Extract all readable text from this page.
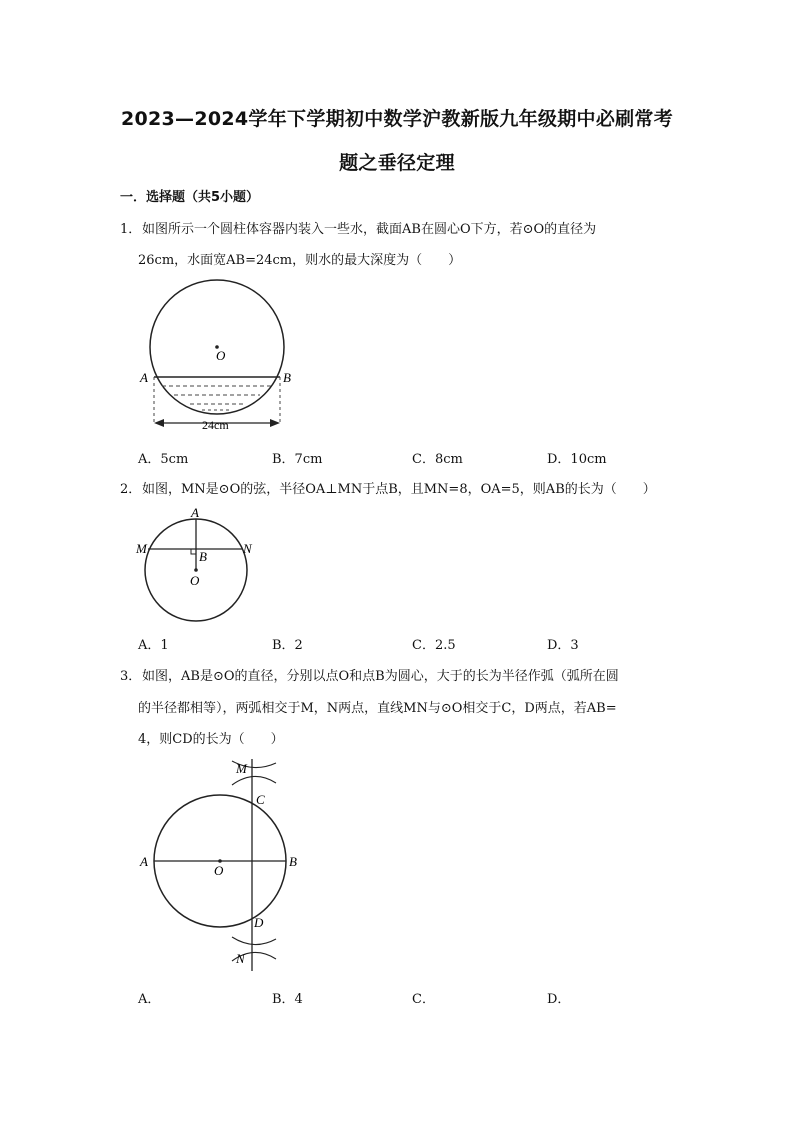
2023—2024学年下学期初中数学沪教新版九年级期中必刷常考
题之垂径定理
一．选择题（共5小题）
1． 如图所示一个圆柱体容器内装入一些水，截面AB在圆心O下方，若⊙O的直径为
26cm，水面宽AB=24cm，则水的最大深度为（　　）
O
A	B
24cm
A．5cm	B．7cm	C．8cm	D．10cm
2． 如图，MN是⊙O的弦，半径OA⊥MN于点B，且MN=8，OA=5，则AB的长为（　　）
A
M	N
B
O
A．1	B．2	C．2.5	D．3
3． 如图，AB是⊙O的直径，分别以点O和点B为圆心，大于的长为半径作弧（弧所在圆
的半径都相等），两弧相交于M，N两点，直线MN与⊙O相交于C，D两点，若AB=
4，则CD的长为（　　）
M
C
A
O
B
D
N
A．	B．4	C．	D．
